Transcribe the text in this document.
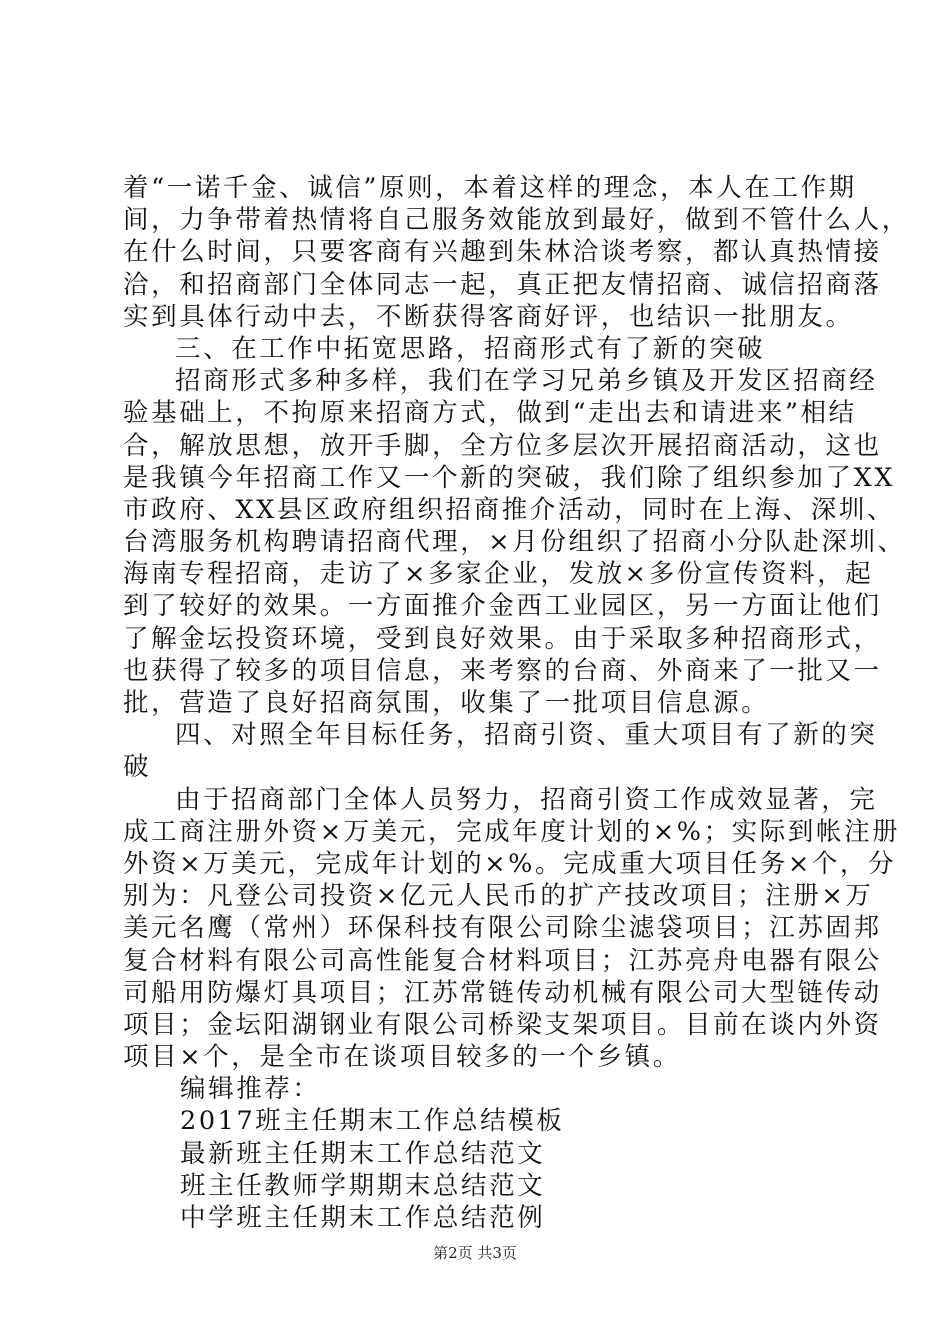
着“一诺千金、诚信”原则，本着这样的理念，本人在工作期
间，力争带着热情将自己服务效能放到最好，做到不管什么人，
在什么时间，只要客商有兴趣到朱林洽谈考察，都认真热情接
洽，和招商部门全体同志一起，真正把友情招商、诚信招商落
实到具体行动中去，不断获得客商好评，也结识一批朋友。
三、在工作中拓宽思路，招商形式有了新的突破
招商形式多种多样，我们在学习兄弟乡镇及开发区招商经
验基础上，不拘原来招商方式，做到“走出去和请进来”相结
合，解放思想，放开手脚，全方位多层次开展招商活动，这也
是我镇今年招商工作又一个新的突破，我们除了组织参加了XX
市政府、XX县区政府组织招商推介活动，同时在上海、深圳、
台湾服务机构聘请招商代理，×月份组织了招商小分队赴深圳、
海南专程招商，走访了×多家企业，发放×多份宣传资料，起
到了较好的效果。一方面推介金西工业园区，另一方面让他们
了解金坛投资环境，受到良好效果。由于采取多种招商形式，
也获得了较多的项目信息，来考察的台商、外商来了一批又一
批，营造了良好招商氛围，收集了一批项目信息源。
四、对照全年目标任务，招商引资、重大项目有了新的突
破
由于招商部门全体人员努力，招商引资工作成效显著，完
成工商注册外资×万美元，完成年度计划的×%；实际到帐注册
外资×万美元，完成年计划的×%。完成重大项目任务×个，分
别为：凡登公司投资×亿元人民币的扩产技改项目；注册×万
美元名鹰（常州）环保科技有限公司除尘滤袋项目；江苏固邦
复合材料有限公司高性能复合材料项目；江苏亮舟电器有限公
司船用防爆灯具项目；江苏常链传动机械有限公司大型链传动
项目；金坛阳湖钢业有限公司桥梁支架项目。目前在谈内外资
项目×个，是全市在谈项目较多的一个乡镇。
编辑推荐：
2017班主任期末工作总结模板
最新班主任期末工作总结范文
班主任教师学期期末总结范文
中学班主任期末工作总结范例
第2页 共3页
